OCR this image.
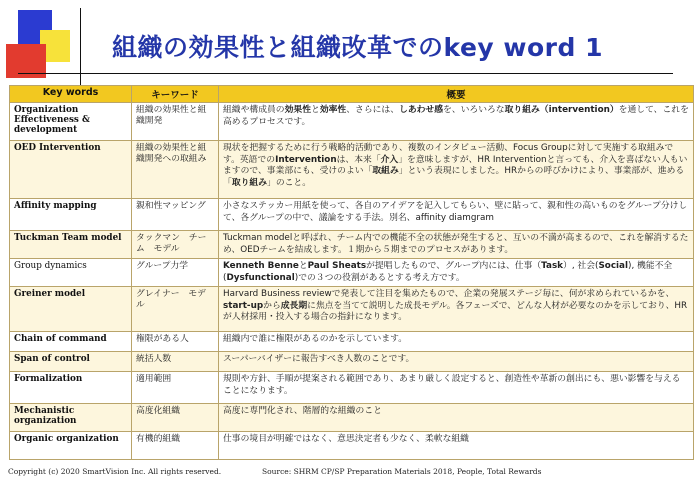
組織の効果性と組織改革でのkey word 1
Key words	キーワード	概要
Organization Effectiveness & development	組織の効果性と組織開発	組織や構成員の効果性と効率性、さらには、しあわせ感を、いろいろな取り組み（intervention）を通して、これを高めるプロセスです。
OED Intervention	組織の効果性と組織開発への取組み	現状を把握するために行う戦略的活動であり、複数のインタビュー活動、Focus Groupに対して実施する取組みです。英語でのInterventionは、本来「介入」を意味しますが、HR Interventionと言っても、介入を喜ばない人もいますので、事業部にも、受けのよい「取組み」という表現にしました。HRからの呼びかけにより、事業部が、進める「取り組み」のこと。
Affinity mapping	親和性マッピング	小さなステッカー用紙を使って、各自のアイデアを記入してもらい、壁に貼って、親和性の高いものをグループ分けして、各グループの中で、議論をする手法。別名、affinity diamgram
Tuckman Team model	タックマン　チーム　モデル	Tuckman modelと呼ばれ、チーム内での機能不全の状態が発生すると、互いの不満が高まるので、これを解消するため、OEDチームを結成します。１期から５期までのプロセスがあります。
Group dynamics	グループ力学	Kenneth BenneとPaul Sheatsが提唱したもので、グループ内には、仕事（Task）, 社会(Social), 機能不全(Dysfunctional)での３つの役割があるとする考え方です。
Greiner model	グレイナー　モデル	Harvard Business reviewで発表して注目を集めたもので、企業の発展ステージ毎に、何が求められているかを、start-upから成長期に焦点を当てて説明した成長モデル。各フェーズで、どんな人材が必要なのかを示しており、HRが人材採用・投入する場合の指針になります。
Chain of command	権限がある人	組織内で誰に権限があるのかを示しています。
Span of control	統括人数	スーパーバイザーに報告すべき人数のことです。
Formalization	適用範囲	規則や方針、手順が提案される範囲であり、あまり厳しく設定すると、創造性や革新の創出にも、悪い影響を与えることになります。
Mechanistic organization	高度化組織	高度に専門化され、階層的な組織のこと
Organic organization	有機的組織	仕事の境目が明確ではなく、意思決定者も少なく、柔軟な組織
Copyright (c) 2020 SmartVision Inc. All rights reserved.	Source: SHRM CP/SP Preparation Materials 2018, People, Total Rewards
